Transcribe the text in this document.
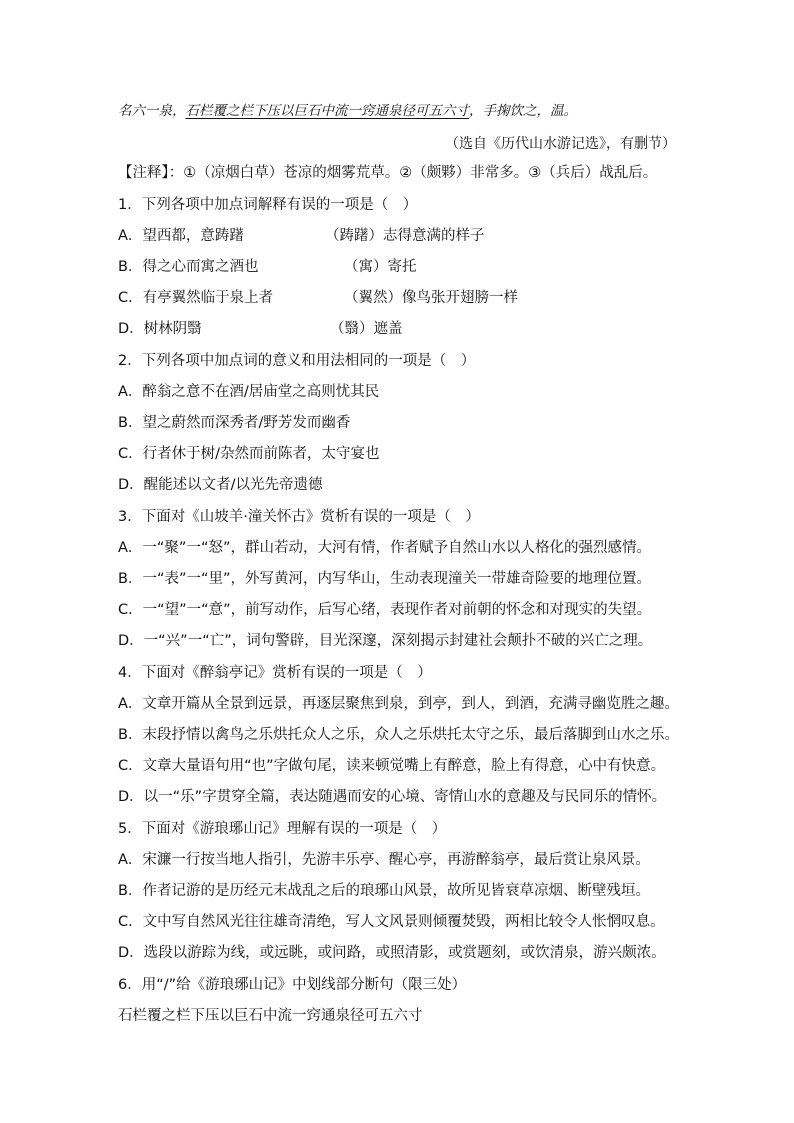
名六一泉，石栏覆之栏下压以巨石中流一窍通泉径可五六寸，手掬饮之，温。
（选自《历代山水游记选》，有删节）
【注释】：①（凉烟白草）苍凉的烟雾荒草。②（颇夥）非常多。③（兵后）战乱后。
1．下列各项中加点词解释有误的一项是（　）
A．望西都，意踌躇	（踌躇）志得意满的样子
B．得之心而寓之酒也	（寓）寄托
C．有亭翼然临于泉上者	（翼然）像鸟张开翅膀一样
D．树林阴翳	（翳）遮盖
2．下列各项中加点词的意义和用法相同的一项是（　）
A．醉翁之意不在酒/居庙堂之高则忧其民
B．望之蔚然而深秀者/野芳发而幽香
C．行者休于树/杂然而前陈者，太守宴也
D．醒能述以文者/以光先帝遗德
3．下面对《山坡羊·潼关怀古》赏析有误的一项是（　）
A．一“聚”一“怒”，群山若动，大河有情，作者赋予自然山水以人格化的强烈感情。
B．一“表”一“里”，外写黄河，内写华山，生动表现潼关一带雄奇险要的地理位置。
C．一“望”一“意”，前写动作，后写心绪，表现作者对前朝的怀念和对现实的失望。
D．一“兴”一“亡”，词句警辟，目光深邃，深刻揭示封建社会颠扑不破的兴亡之理。
4．下面对《醉翁亭记》赏析有误的一项是（　）
A．文章开篇从全景到远景，再逐层聚焦到泉，到亭，到人，到酒，充满寻幽览胜之趣。
B．末段抒情以禽鸟之乐烘托众人之乐，众人之乐烘托太守之乐，最后落脚到山水之乐。
C．文章大量语句用“也”字做句尾，读来顿觉嘴上有醉意，脸上有得意，心中有快意。
D．以一“乐”字贯穿全篇，表达随遇而安的心境、寄情山水的意趣及与民同乐的情怀。
5．下面对《游琅琊山记》理解有误的一项是（　）
A．宋濂一行按当地人指引，先游丰乐亭、醒心亭，再游醉翁亭，最后赏让泉风景。
B．作者记游的是历经元末战乱之后的琅琊山风景，故所见皆衰草凉烟、断壁残垣。
C．文中写自然风光往往雄奇清绝，写人文风景则倾覆焚毁，两相比较令人怅惘叹息。
D．选段以游踪为线，或远眺，或问路，或照清影，或赏题刻，或饮清泉，游兴颇浓。
6．用“/”给《游琅琊山记》中划线部分断句（限三处）
石栏覆之栏下压以巨石中流一窍通泉径可五六寸
